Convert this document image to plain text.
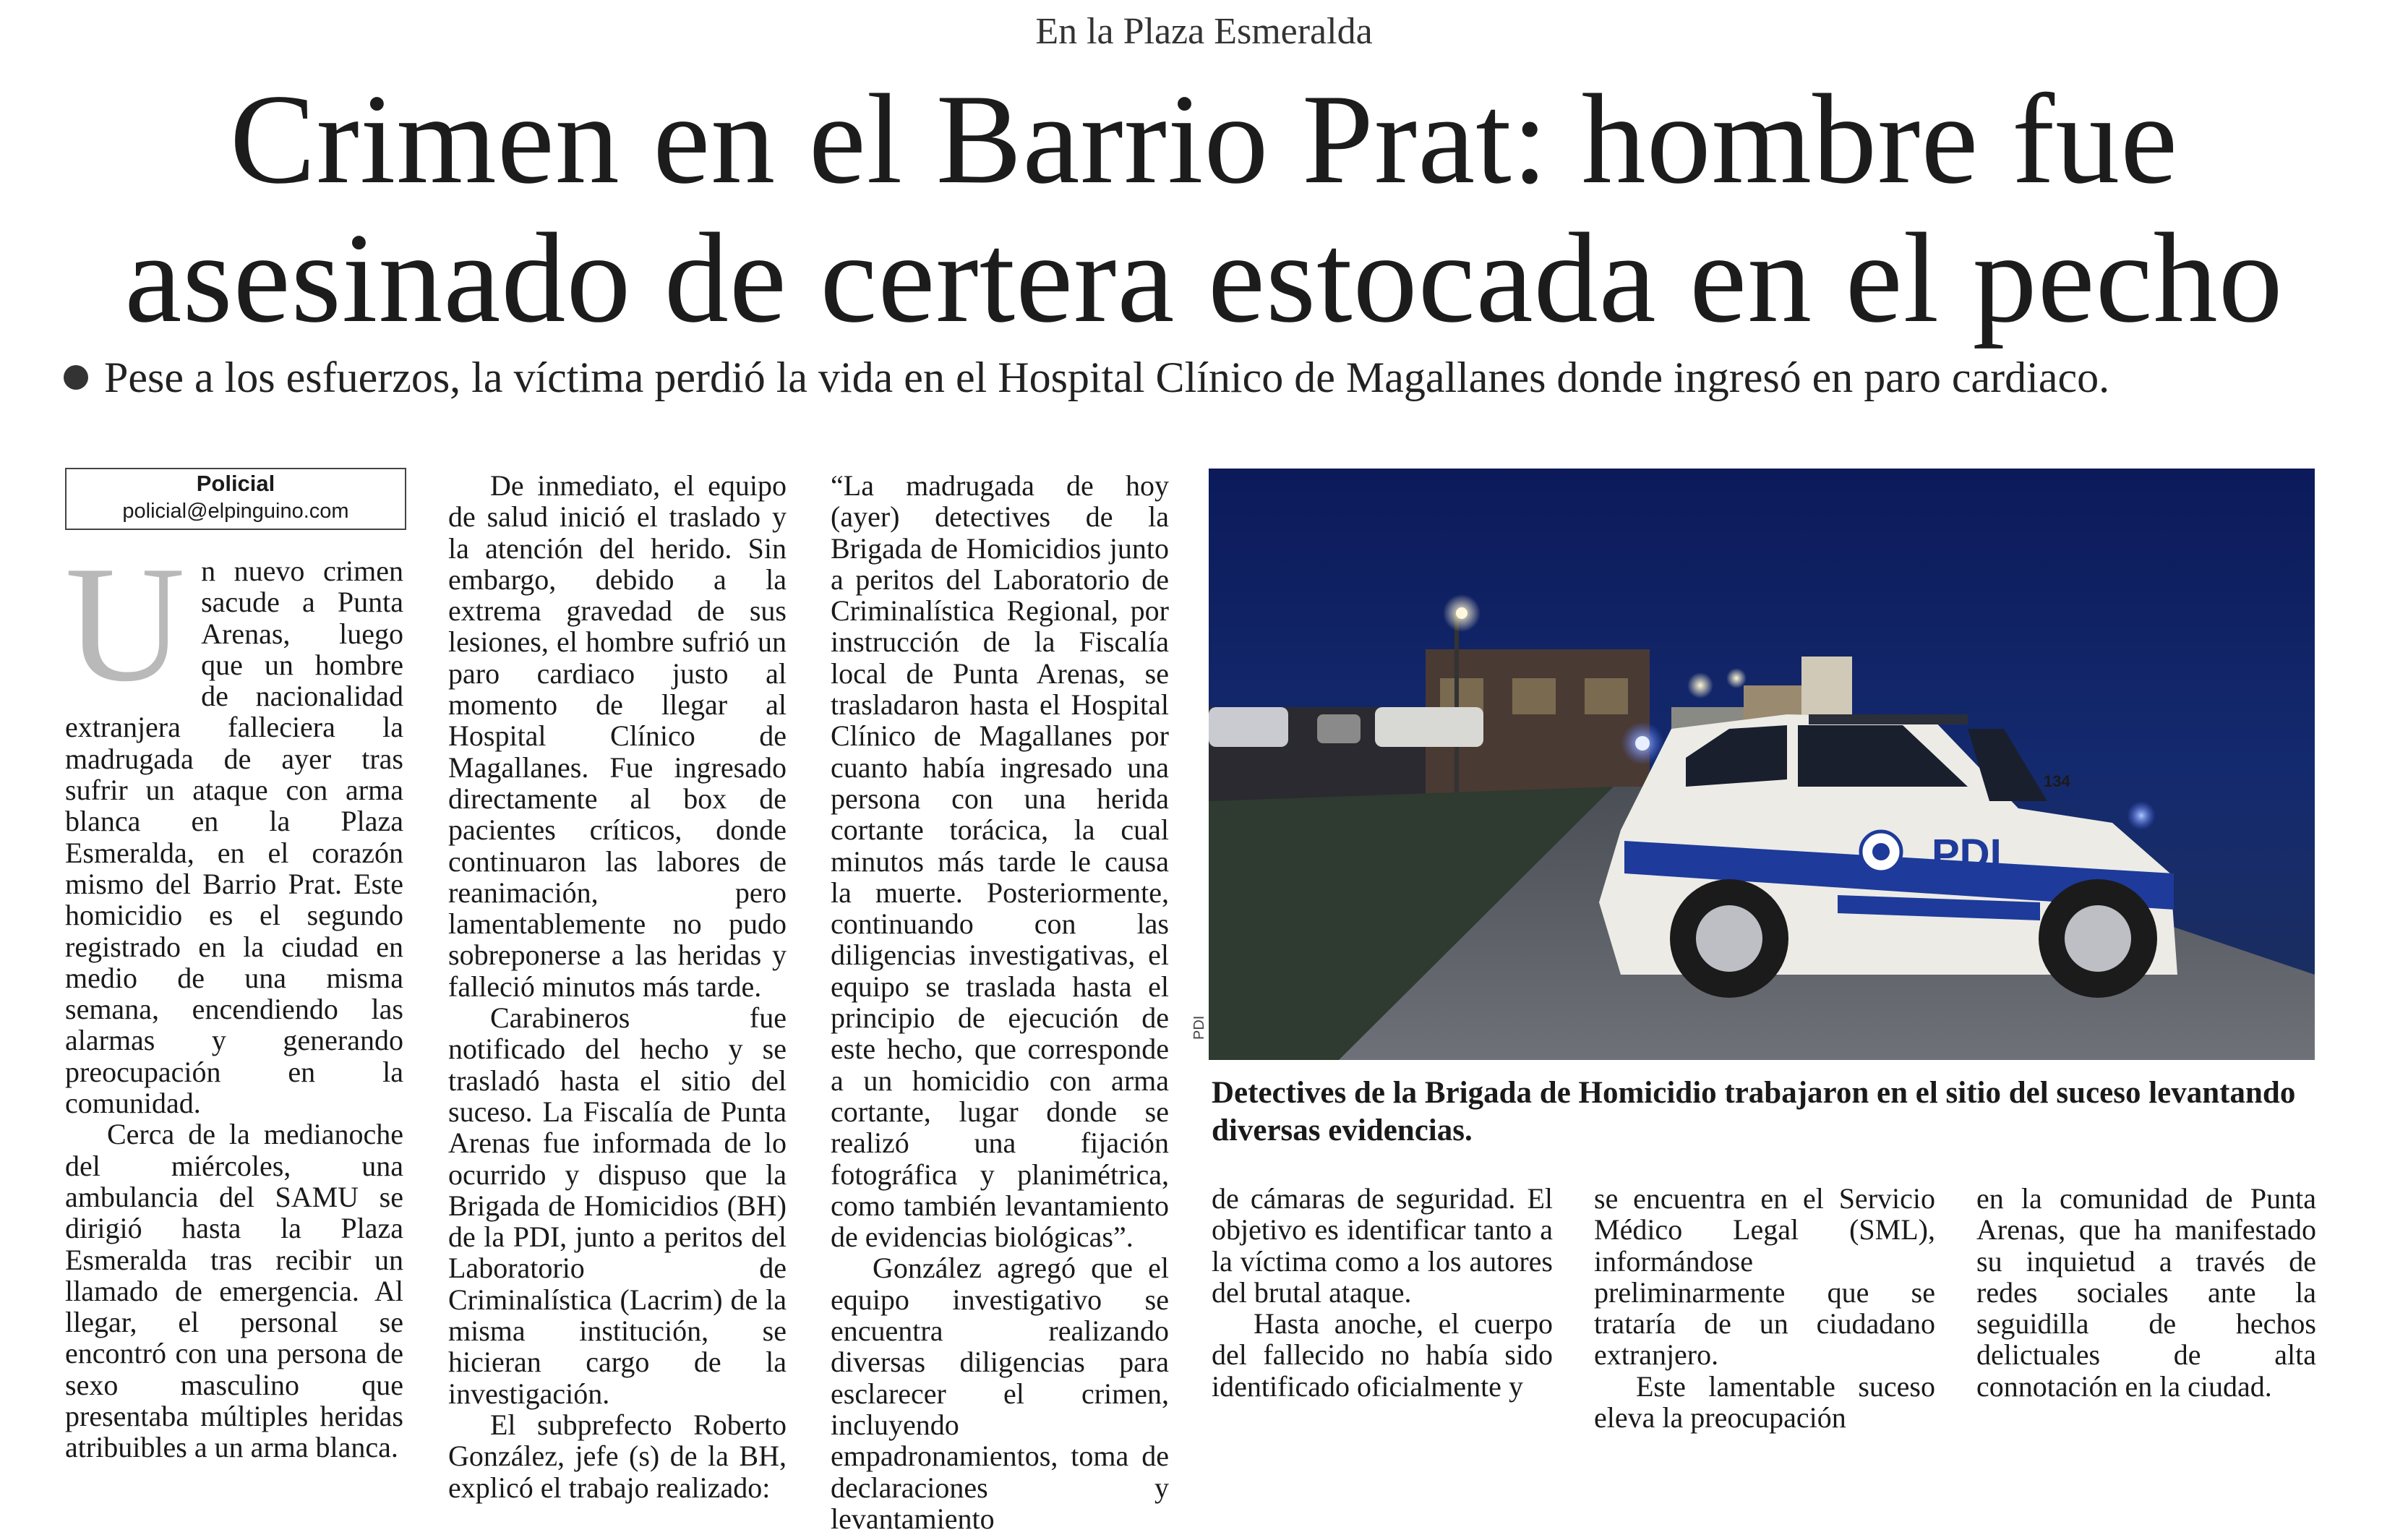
En la Plaza Esmeralda
Crimen en el Barrio Prat: hombre fue
asesinado de certera estocada en el pecho
Pese a los esfuerzos, la víctima perdió la vida en el Hospital Clínico de Magallanes donde ingresó en paro cardiaco.
Policial
policial@elpinguino.com

Un nuevo crimen sacude a Punta Arenas, luego que un hombre de nacionalidad extranjera falleciera la madrugada de ayer tras sufrir un ataque con arma blanca en la Plaza Esmeralda, en el corazón mismo del Barrio Prat. Este homicidio es el segundo registrado en la ciudad en medio de una misma semana, encendiendo las alarmas y generando preocupación en la comunidad.

Cerca de la medianoche del miércoles, una ambulancia del SAMU se dirigió hasta la Plaza Esmeralda tras recibir un llamado de emergencia. Al llegar, el personal se encontró con una persona de sexo masculino que presentaba múltiples heridas atribuibles a un arma blanca.

De inmediato, el equipo de salud inició el traslado y la atención del herido. Sin embargo, debido a la extrema gravedad de sus lesiones, el hombre sufrió un paro cardiaco justo al momento de llegar al Hospital Clínico de Magallanes. Fue ingresado directamente al box de pacientes críticos, donde continuaron las labores de reanimación, pero lamentablemente no pudo sobreponerse a las heridas y falleció minutos más tarde.

Carabineros fue notificado del hecho y se trasladó hasta el sitio del suceso. La Fiscalía de Punta Arenas fue informada de lo ocurrido y dispuso que la Brigada de Homicidios (BH) de la PDI, junto a peritos del Laboratorio de Criminalística (Lacrim) de la misma institución, se hicieran cargo de la investigación.

El subprefecto Roberto González, jefe (s) de la BH, explicó el trabajo realizado:

“La madrugada de hoy (ayer) detectives de la Brigada de Homicidios junto a peritos del Laboratorio de Criminalística Regional, por instrucción de la Fiscalía local de Punta Arenas, se trasladaron hasta el Hospital Clínico de Magallanes por cuanto había ingresado una persona con una herida cortante torácica, la cual minutos más tarde le causa la muerte. Posteriormente, continuando con las diligencias investigativas, el equipo se traslada hasta el principio de ejecución de este hecho, que corresponde a un homicidio con arma cortante, lugar donde se realizó una fijación fotográfica y planimétrica, como también levantamiento de evidencias biológicas”.

González agregó que el equipo investigativo se encuentra realizando diversas diligencias para esclarecer el crimen, incluyendo empadronamientos, toma de declaraciones y levantamiento

PDI
134
PDI
Detectives de la Brigada de Homicidio trabajaron en el sitio del suceso levantando diversas evidencias.

de cámaras de seguridad. El objetivo es identificar tanto a la víctima como a los autores del brutal ataque.

Hasta anoche, el cuerpo del fallecido no había sido identificado oficialmente y

se encuentra en el Servicio Médico Legal (SML), informándose preliminarmente que se trataría de un ciudadano extranjero.

Este lamentable suceso eleva la preocupación

en la comunidad de Punta Arenas, que ha manifestado su inquietud a través de redes sociales ante la seguidilla de hechos delictuales de alta connotación en la ciudad.
